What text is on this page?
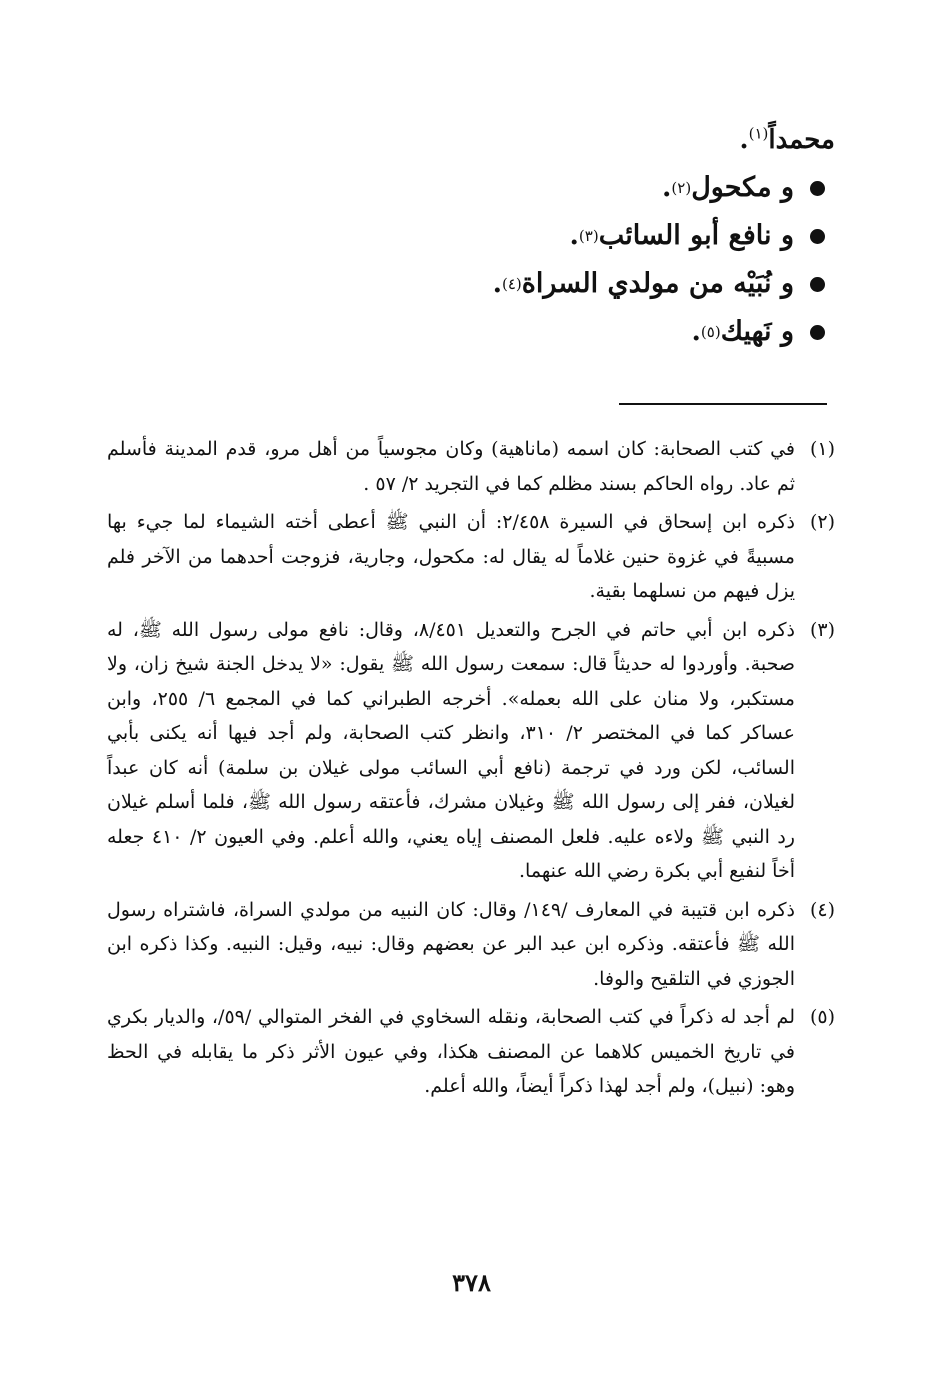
محمداً$^{(١)}$.
و مكحول
(٢)
.
و نافع أبو السائب
(٣)
.
و نُبَيْه من مولدي السراة
(٤)
.
و نَهيك
(٥)
.
(١)
في كتب الصحابة: كان اسمه (ماناهية) وكان مجوسياً من أهل مرو، قدم المدينة فأسلم ثم عاد. رواه الحاكم بسند مظلم كما في التجريد ٢/ ٥٧ .
(٢)
ذكره ابن إسحاق في السيرة ٢/٤٥٨: أن النبي ﷺ أعطى أخته الشيماء لما جيء بها مسبيةً في غزوة حنين غلاماً له يقال له: مكحول، وجارية، فزوجت أحدهما من الآخر فلم يزل فيهم من نسلهما بقية.
(٣)
ذكره ابن أبي حاتم في الجرح والتعديل ٨/٤٥١، وقال: نافع مولى رسول الله ﷺ، له صحبة. وأوردوا له حديثاً قال: سمعت رسول الله ﷺ يقول: «لا يدخل الجنة شيخ زان، ولا مستكبر، ولا منان على الله بعمله». أخرجه الطبراني كما في المجمع ٦/ ٢٥٥، وابن عساكر كما في المختصر ٢/ ٣١٠، وانظر كتب الصحابة، ولم أجد فيها أنه يكنى بأبي السائب، لكن ورد في ترجمة (نافع أبي السائب مولى غيلان بن سلمة) أنه كان عبداً لغيلان، ففر إلى رسول الله ﷺ وغيلان مشرك، فأعتقه رسول الله ﷺ، فلما أسلم غيلان رد النبي ﷺ ولاءه عليه. فلعل المصنف إياه يعني، والله أعلم. وفي العيون ٢/ ٤١٠ جعله أخاً لنفيع أبي بكرة رضي الله عنهما.
(٤)
ذكره ابن قتيبة في المعارف /١٤٩/ وقال: كان النبيه من مولدي السراة، فاشتراه رسول الله ﷺ فأعتقه. وذكره ابن عبد البر عن بعضهم وقال: نبيه، وقيل: النبيه. وكذا ذكره ابن الجوزي في التلقيح والوفا.
(٥)
لم أجد له ذكراً في كتب الصحابة، ونقله السخاوي في الفخر المتوالي /٥٩/، والديار بكري في تاريخ الخميس كلاهما عن المصنف هكذا، وفي عيون الأثر ذكر ما يقابله في الحظ وهو: (نبيل)، ولم أجد لهذا ذكراً أيضاً، والله أعلم.
٣٧٨
